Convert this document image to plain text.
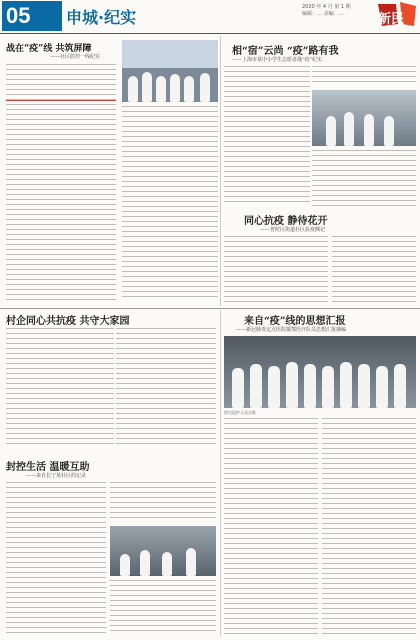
05	申城·纪实
2020 年 4 月 第 1 期
编辑：… 美编：…	新民
战在“疫”线 共筑屏障
——社区防控一线纪实	相“宿”云尚 “疫”路有我
——上海市某中小学生志愿者战“疫”纪实
同心抗疫 静待花开
——普陀区街道社区抗疫侧记
村企同心共抗疫 共守大家园
封控生活 温暖互助
——来自长宁某社区的记录
来自“疫”线的思想汇报
——新冠肺炎定点医院援鄂医疗队员思想汇报摘编
图为医护人员合影
